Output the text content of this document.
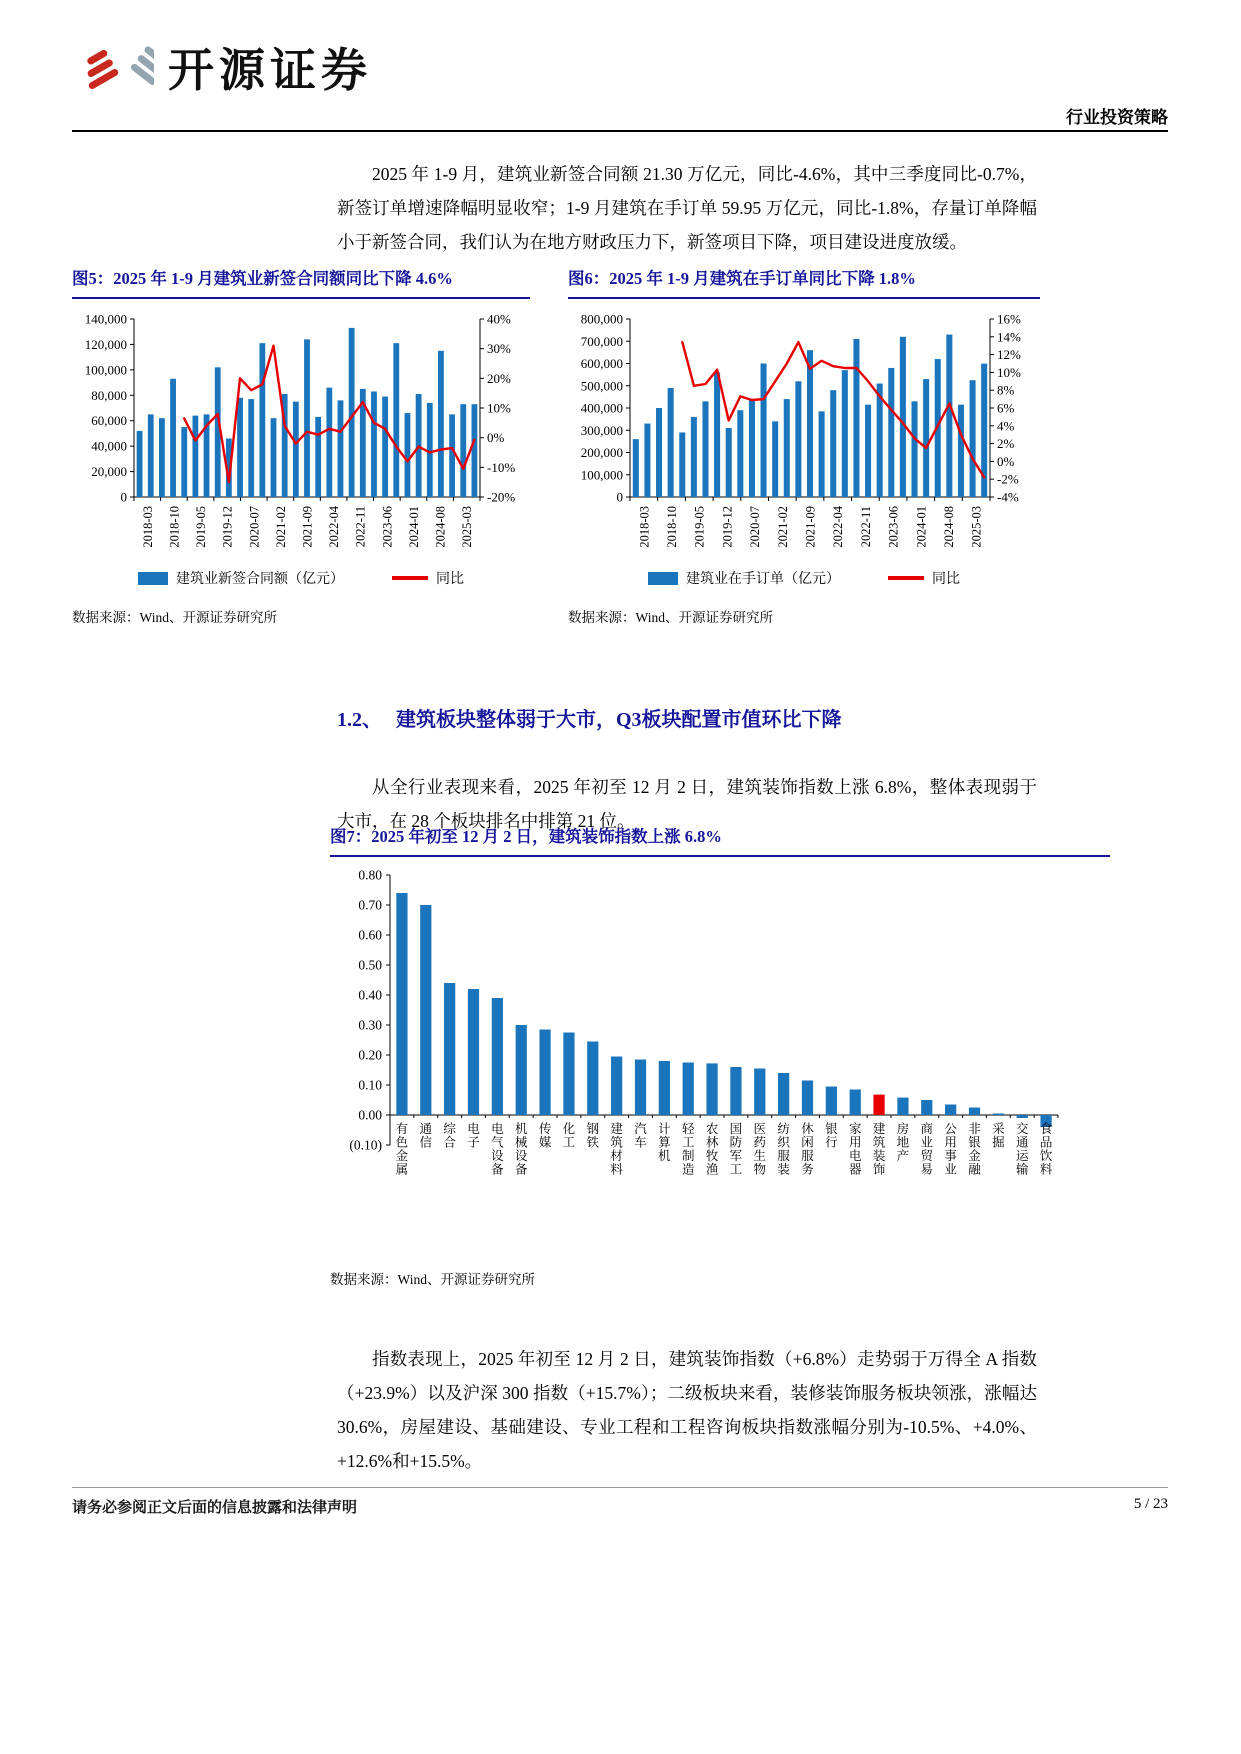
开源证券
行业投资策略

2025 年 1-9 月，建筑业新签合同额 21.30 万亿元，同比-4.6%，其中三季度同比-0.7%，新签订单增速降幅明显收窄；1-9 月建筑在手订单 59.95 万亿元，同比-1.8%，存量订单降幅小于新签合同，我们认为在地方财政压力下，新签项目下降，项目建设进度放缓。

图5：2025 年 1-9 月建筑业新签合同额同比下降 4.6%
0
20,000
40,000
60,000
80,000
100,000
120,000
140,000
-20%
-10%
0%
10%
20%
30%
40%
2018-03 2018-10 2019-05 2019-12 2020-07 2021-02 2021-09 2022-04 2022-11 2023-06 2024-01 2024-08 2025-03
建筑业新签合同额（亿元）	同比
数据来源：Wind、开源证券研究所
图6：2025 年 1-9 月建筑在手订单同比下降 1.8%
0
100,000
200,000
300,000
400,000
500,000
600,000
700,000
800,000
-4%
-2%
0%
2%
4%
6%
8%
10%
12%
14%
16%
2018-03 2018-10 2019-05 2019-12 2020-07 2021-02 2021-09 2022-04 2022-11 2023-06 2024-01 2024-08 2025-03
建筑业在手订单（亿元）	同比
数据来源：Wind、开源证券研究所
1.2、 建筑板块整体弱于大市，Q3板块配置市值环比下降

从全行业表现来看，2025 年初至 12 月 2 日，建筑装饰指数上涨 6.8%，整体表现弱于大市，在 28 个板块排名中排第 21 位。

图7：2025 年初至 12 月 2 日，建筑装饰指数上涨 6.8%
0.80
0.70
0.60
0.50
0.40
0.30
0.20
0.10
0.00
(0.10)
有色金属
通信
综合
电子
电气设备
机械设备
传媒
化工
钢铁
建筑材料
汽车
计算机
轻工制造
农林牧渔
国防军工
医药生物
纺织服装
休闲服务
银行
家用电器
建筑装饰
房地产
商业贸易
公用事业
非银金融
采掘
交通运输
食品饮料
数据来源：Wind、开源证券研究所

指数表现上，2025 年初至 12 月 2 日，建筑装饰指数（+6.8%）走势弱于万得全 A 指数（+23.9%）以及沪深 300 指数（+15.7%）；二级板块来看，装修装饰服务板块领涨，涨幅达 30.6%，房屋建设、基础建设、专业工程和工程咨询板块指数涨幅分别为-10.5%、+4.0%、+12.6%和+15.5%。

请务必参阅正文后面的信息披露和法律声明	5 / 23
